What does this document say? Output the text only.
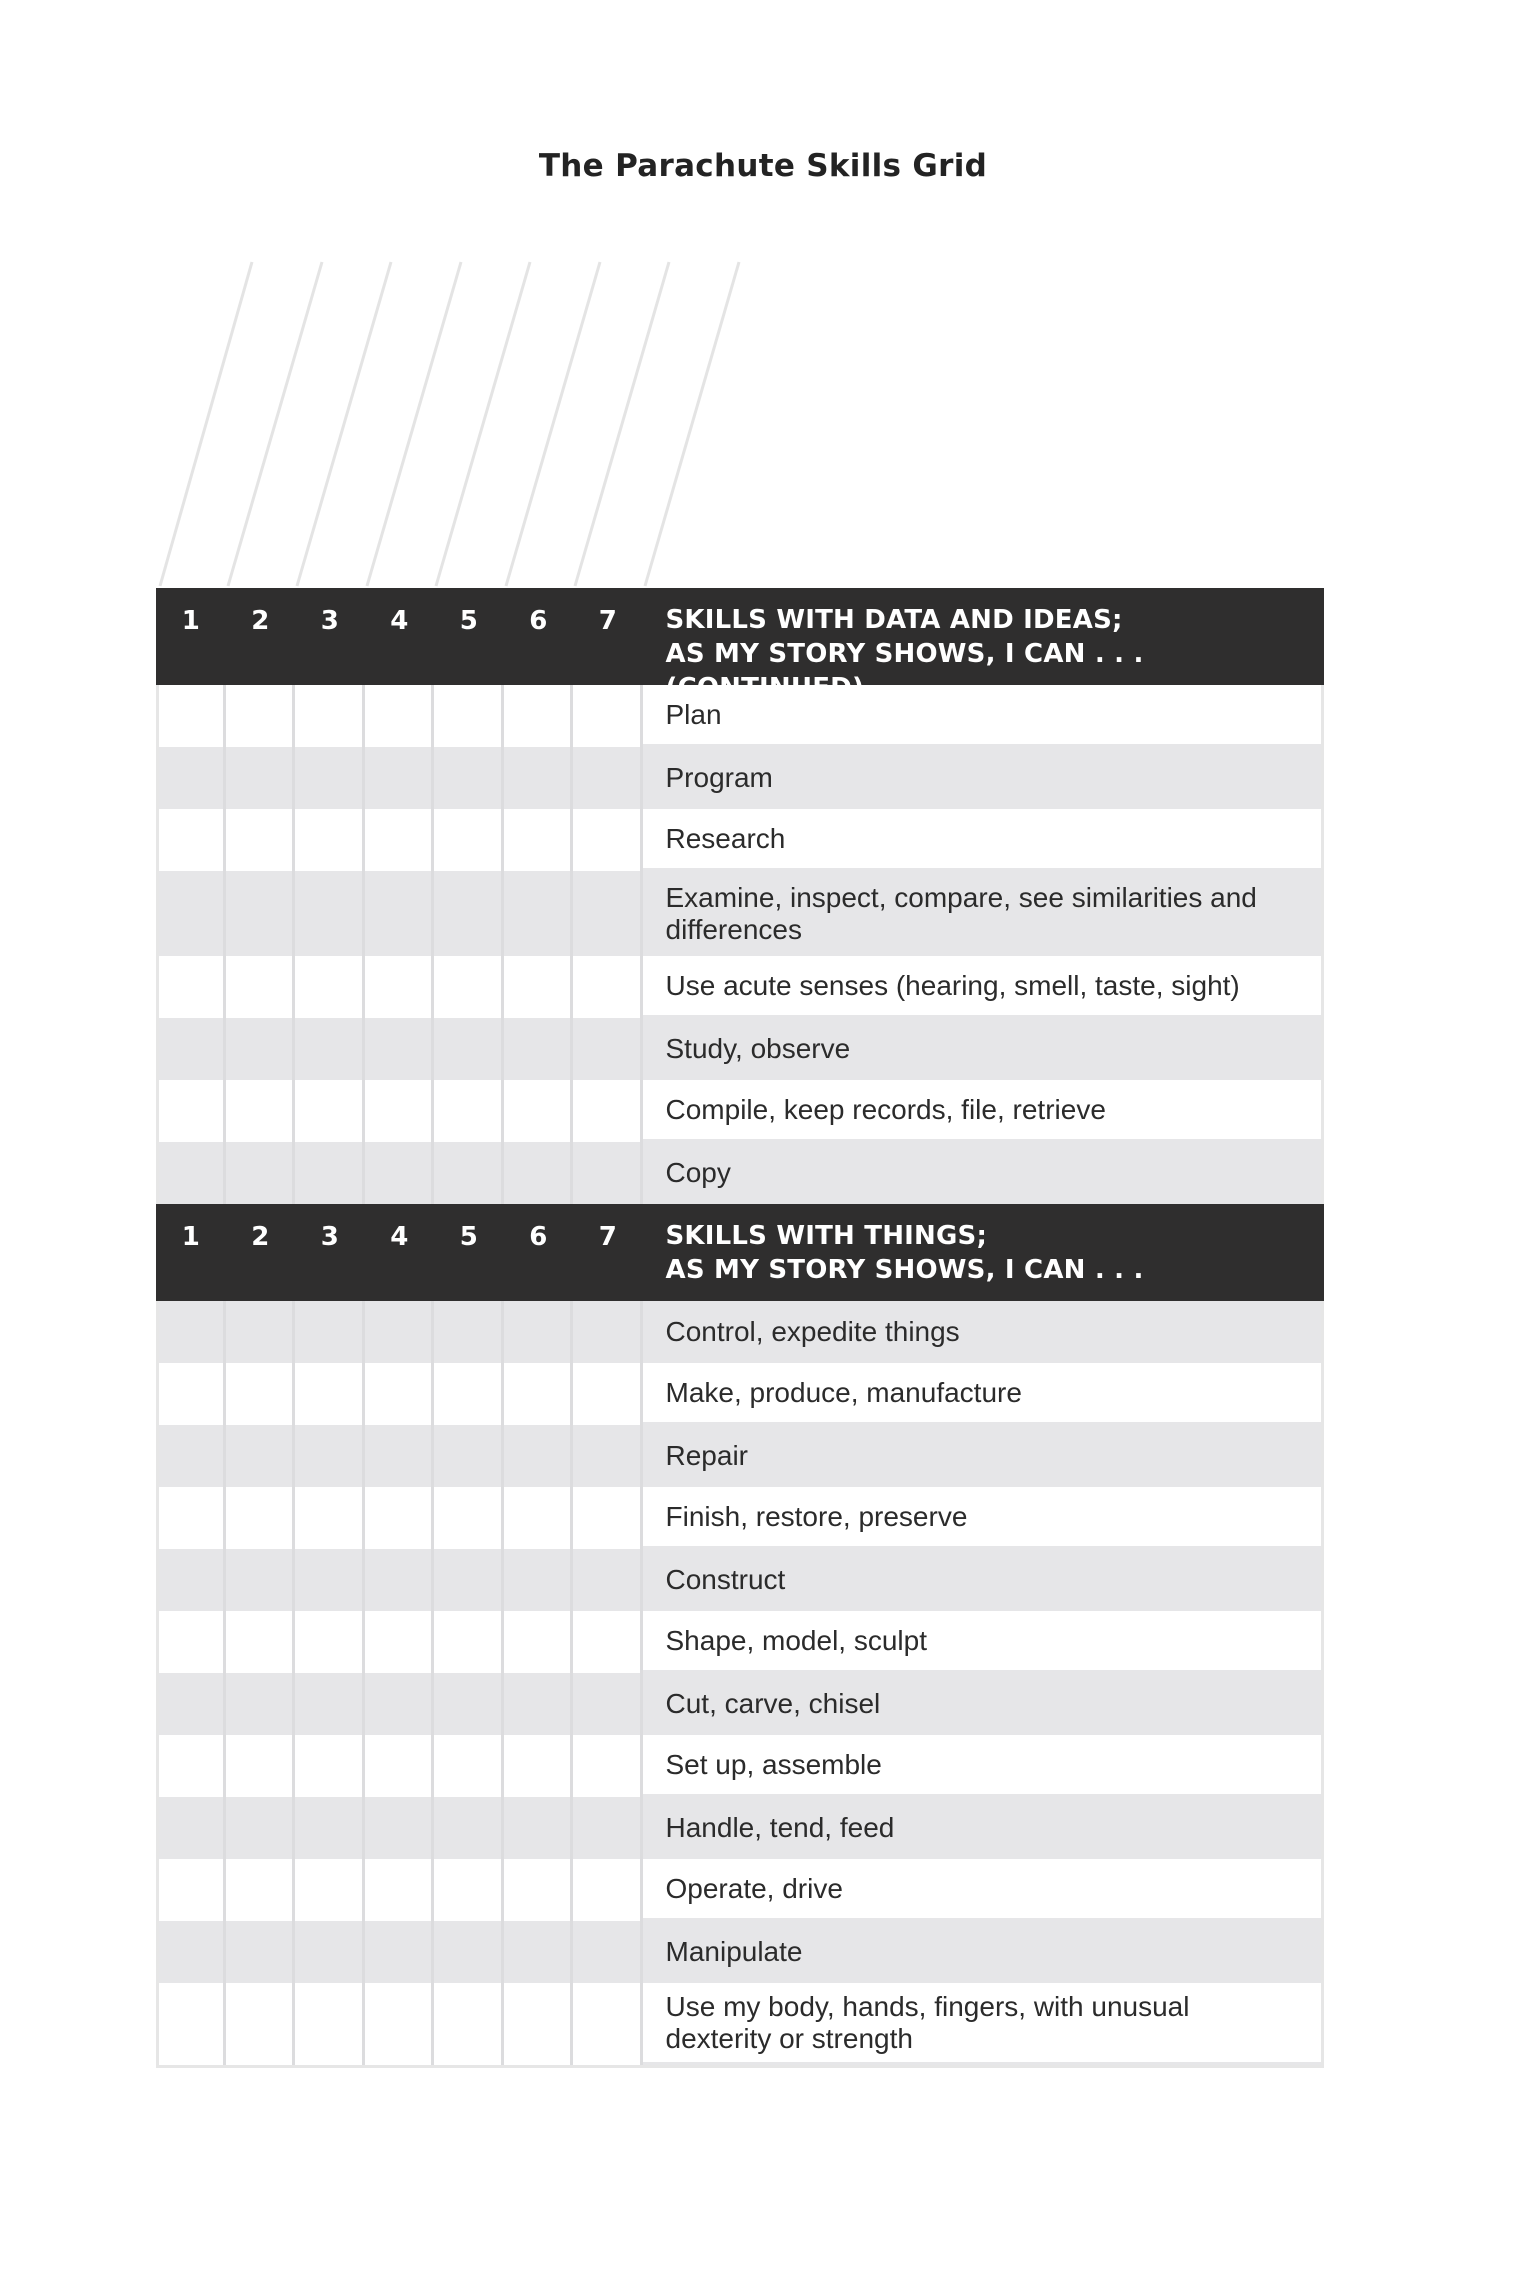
The Parachute Skills Grid
1	2	3	4	5	6	7	SKILLS WITH DATA AND IDEAS;
AS MY STORY SHOWS, I CAN . . . (CONTINUED)
Plan
Program
Research
Examine, inspect, compare, see similarities and differences
Use acute senses (hearing, smell, taste, sight)
Study, observe
Compile, keep records, file, retrieve
Copy
1	2	3	4	5	6	7	SKILLS WITH THINGS;
AS MY STORY SHOWS, I CAN . . .
Control, expedite things
Make, produce, manufacture
Repair
Finish, restore, preserve
Construct
Shape, model, sculpt
Cut, carve, chisel
Set up, assemble
Handle, tend, feed
Operate, drive
Manipulate
Use my body, hands, fingers, with unusual dexterity or strength
